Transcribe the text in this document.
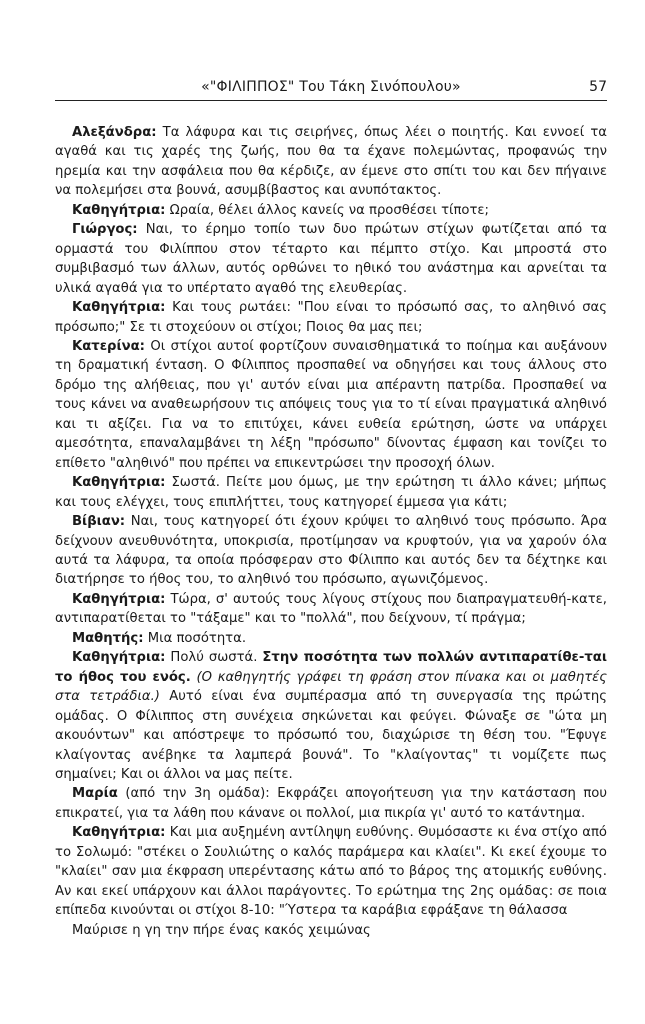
«"ΦΙΛΙΠΠΟΣ" Του Τάκη Σινόπουλου»	57

Αλεξάνδρα: Τα λάφυρα και τις σειρήνες, όπως λέει ο ποιητής. Και εννοεί τα αγαθά και τις χαρές της ζωής, που θα τα έχανε πολεμώντας, προφανώς την ηρεμία και την ασφάλεια που θα κέρδιζε, αν έμενε στο σπίτι του και δεν πήγαινε να πολεμήσει στα βουνά, ασυμβίβαστος και ανυπότακτος.

Καθηγήτρια: Ωραία, θέλει άλλος κανείς να προσθέσει τίποτε;

Γιώργος: Ναι, το έρημο τοπίο των δυο πρώτων στίχων φωτίζεται από τα ορμαστά του Φιλίππου στον τέταρτο και πέμπτο στίχο. Και μπροστά στο συμβιβασμό των άλλων, αυτός ορθώνει το ηθικό του ανάστημα και αρνείται τα υλικά αγαθά για το υπέρτατο αγαθό της ελευθερίας.

Καθηγήτρια: Και τους ρωτάει: "Που είναι το πρόσωπό σας, το αληθινό σας πρόσωπο;" Σε τι στοχεύουν οι στίχοι; Ποιος θα μας πει;

Κατερίνα: Οι στίχοι αυτοί φορτίζουν συναισθηματικά το ποίημα και αυξάνουν τη δραματική ένταση. Ο Φίλιππος προσπαθεί να οδηγήσει και τους άλλους στο δρόμο της αλήθειας, που γι' αυτόν είναι μια απέραντη πατρίδα. Προσπαθεί να τους κάνει να αναθεωρήσουν τις απόψεις τους για το τί είναι πραγματικά αληθινό και τι αξίζει. Για να το επιτύχει, κάνει ευθεία ερώτηση, ώστε να υπάρχει αμεσότητα, επαναλαμβάνει τη λέξη "πρόσωπο" δίνοντας έμφαση και τονίζει το επίθετο "αληθινό" που πρέπει να επικεντρώσει την προσοχή όλων.

Καθηγήτρια: Σωστά. Πείτε μου όμως, με την ερώτηση τι άλλο κάνει; μήπως και τους ελέγχει, τους επιπλήττει, τους κατηγορεί έμμεσα για κάτι;

Βίβιαν: Ναι, τους κατηγορεί ότι έχουν κρύψει το αληθινό τους πρόσωπο. Άρα δείχνουν ανευθυνότητα, υποκρισία, προτίμησαν να κρυφτούν, για να χαρούν όλα αυτά τα λάφυρα, τα οποία πρόσφεραν στο Φίλιππο και αυτός δεν τα δέχτηκε και διατήρησε το ήθος του, το αληθινό του πρόσωπο, αγωνιζόμενος.

Καθηγήτρια: Τώρα, σ' αυτούς τους λίγους στίχους που διαπραγματευθή-κατε, αντιπαρατίθεται το "τάξαμε" και το "πολλά", που δείχνουν, τί πράγμα;

Μαθητής: Μια ποσότητα.

Καθηγήτρια: Πολύ σωστά. Στην ποσότητα των πολλών αντιπαρατίθε-ται το ήθος του ενός. (Ο καθηγητής γράφει τη φράση στον πίνακα και οι μαθητές στα τετράδια.) Αυτό είναι ένα συμπέρασμα από τη συνεργασία της πρώτης ομάδας. Ο Φίλιππος στη συνέχεια σηκώνεται και φεύγει. Φώναξε σε "ώτα μη ακουόντων" και απόστρεψε το πρόσωπό του, διαχώρισε τη θέση του. "Έφυγε κλαίγοντας ανέβηκε τα λαμπερά βουνά". Το "κλαίγοντας" τι νομίζετε πως σημαίνει; Και οι άλλοι να μας πείτε.

Μαρία (από την 3η ομάδα): Εκφράζει απογοήτευση για την κατάσταση που επικρατεί, για τα λάθη που κάνανε οι πολλοί, μια πικρία γι' αυτό το κατάντημα.

Καθηγήτρια: Και μια αυξημένη αντίληψη ευθύνης. Θυμόσαστε κι ένα στίχο από το Σολωμό: "στέκει ο Σουλιώτης ο καλός παράμερα και κλαίει". Κι εκεί έχουμε το "κλαίει" σαν μια έκφραση υπερέντασης κάτω από το βάρος της ατομικής ευθύνης. Αν και εκεί υπάρχουν και άλλοι παράγοντες. Το ερώτημα της 2ης ομάδας: σε ποια επίπεδα κινούνται οι στίχοι 8-10: "Ύστερα τα καράβια εφράξανε τη θάλασσα

Μαύρισε η γη την πήρε ένας κακός χειμώνας
